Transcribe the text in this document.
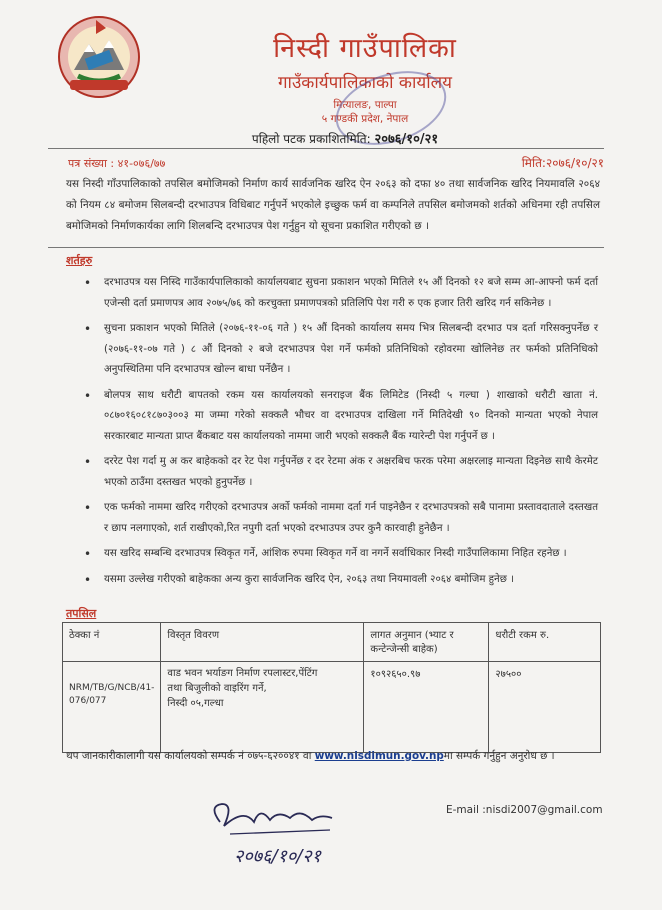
निस्दी गाउँपालिका
गाउँकार्यपालिकाको कार्यालय
मित्यालङ, पाल्पा
५ गण्डकी प्रदेश, नेपाल
पहिलो पटक प्रकाशितमिति: २०७६/१०/२१
पत्र संख्या : ४१-०७६/७७	मिति:२०७६/१०/२१
यस निस्दी गाँउपालिकाको तपसिल बमोजिमको निर्माण कार्य सार्वजनिक खरिद ऐन २०६३ को दफा ४० तथा सार्वजनिक खरिद नियमावलि २०६४ को नियम ८४ बमोजम सिलबन्दी दरभाउपत्र विधिबाट गर्नुपर्ने भएकोले इच्छुक फर्म वा कम्पनिले तपसिल बमोजमको शर्तको अधिनमा रही तपसिल बमोजिमको निर्माणकार्यका लागि शिलबन्दि दरभाउपत्र पेश गर्नुहुन यो सूचना प्रकाशित गरीएको छ ।
शर्तहरु
• दरभाउपत्र यस निस्दि गाउँकार्यपालिकाको कार्यालयबाट सुचना प्रकाशन भएको मितिले १५ औं दिनको १२ बजे सम्म आ-आफ्नो फर्म दर्ता एजेन्सी दर्ता प्रमाणपत्र आव २०७५/७६ को करचुक्ता प्रमाणपत्रको प्रतिलिपि पेश गरी रु एक हजार तिरी खरिद गर्न सकिनेछ ।
• सुचना प्रकाशन भएको मितिले (२०७६-११-०६ गते ) १५ औं दिनको कार्यालय समय भित्र सिलबन्दी दरभाउ पत्र दर्ता गरिसक्नुपर्नेछ र (२०७६-११-०७ गते ) ८ औं दिनको २ बजे दरभाउपत्र पेश गर्ने फर्मको प्रतिनिधिको रहोवरमा खोलिनेछ तर फर्मको प्रतिनिधिको अनुपस्थितिमा पनि दरभाउपत्र खोल्न बाधा पर्नेछैन ।
• बोलपत्र साथ धरौटी बापतको रकम यस कार्यालयको सनराइज बैंक लिमिटेड (निस्दी ५ गल्घा ) शाखाको धरौटी खाता नं. ०८७०१६०८१८७०३००३ मा जम्मा गरेको सक्कलै भौचर वा दरभाउपत्र दाखिला गर्ने मितिदेखी ९० दिनको मान्यता भएको नेपाल सरकारबाट मान्यता प्राप्त बैंकबाट यस कार्यालयको नाममा जारी भएको सक्कलै बैंक ग्यारेन्टी पेश गर्नुपर्ने छ ।
• दररेट पेश गर्दा मु अ कर बाहेकको दर रेट पेश गर्नुपर्नेछ र दर रेटमा अंक र अक्षरबिच फरक परेमा अक्षरलाइ मान्यता दिइनेछ साथै केरमेट भएको ठाउँमा दस्तखत भएको हुनुपर्नेछ ।
• एक फर्मको नाममा खरिद गरीएको दरभाउपत्र अर्को फर्मको नाममा दर्ता गर्न पाइनेछैन र दरभाउपत्रको सबै पानामा प्रस्तावदाताले दस्तखत र छाप नलगाएको, शर्त राखीएको,रित नपुगी दर्ता भएको दरभाउपत्र उपर कुनै कारवाही हुनेछैन ।
• यस खरिद सम्बन्धि दरभाउपत्र स्विकृत गर्ने, आंशिक रुपमा स्विकृत गर्ने वा नगर्ने सर्वाधिकार निस्दी गाउँपालिकामा निहित रहनेछ ।
• यसमा उल्लेख गरीएको बाहेकका अन्य कुरा सार्वजनिक खरिद ऐन, २०६३ तथा नियमावली २०६४ बमोजिम हुनेछ ।
तपसिल
ठेक्का नं	विस्तृत विवरण	लागत अनुमान (भ्याट र कन्टेन्जेन्सी बाहेक)	धरौटी रकम रु.
NRM/TB/G/NCB/41-076/077	वाड भवन भर्याङग निर्माण रपलास्टर,पेंटिंग
तथा बिजुलीको वाइरिंग गर्ने,
निस्दी ०५,गल्धा	१०९२६५०.९७	२७५००
थप जानकारीकालागी यस कार्यालयको सम्पर्क नं ०७५-६२००४१ वा www.nisdimun.gov.npमा सम्पर्क गर्नुहुन अनुरोध छ ।
२०७६/१०/२१
E-mail :nisdi2007@gmail.com
